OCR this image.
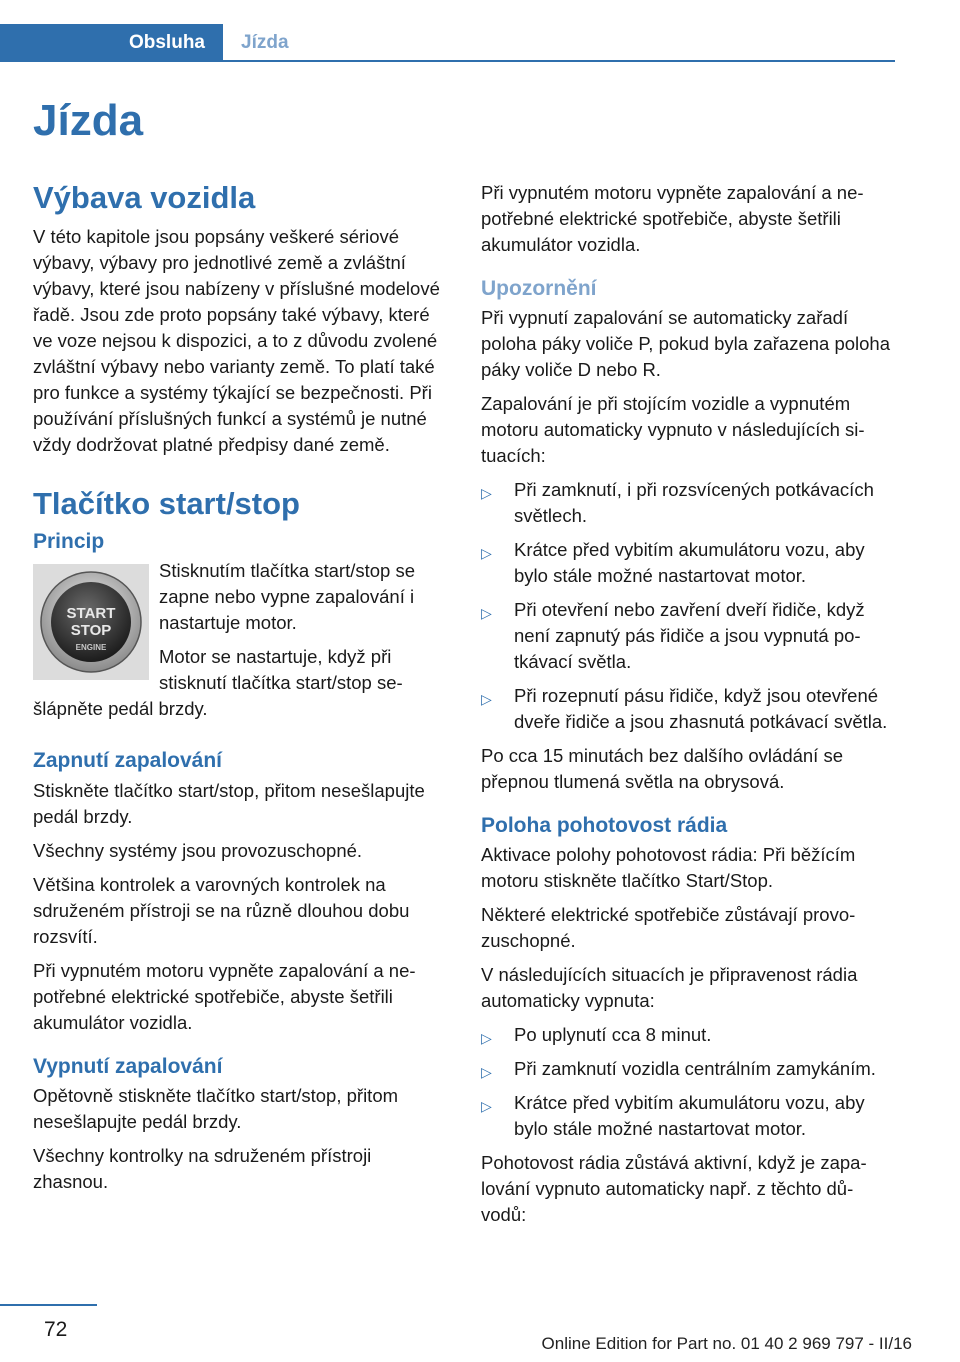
Obsluha	Jízda
Jízda
Výbava vozidla

V této kapitole jsou popsány veškeré sériové výbavy, výbavy pro jednotlivé země a zvláštní výbavy, které jsou nabízeny v příslušné modelové řadě. Jsou zde proto popsány také výbavy, které ve voze nejsou k dispozici, a to z důvodu zvolené zvláštní výbavy nebo varianty země. To platí také pro funkce a systémy týkající se bezpečnosti. Při používání příslušných funkcí a systémů je nutné vždy dodržovat platné předpisy dané země.

Tlačítko start/stop
Princip
START
STOP
ENGINE

Stisknutím tlačítka start/stop se zapne nebo vypne zapalování i nastartuje motor.

Motor se nastartuje, když při stisknutí tlačítka start/stop sešlápněte pedál brzdy.

Zapnutí zapalování

Stiskněte tlačítko start/stop, přitom nesešlapujte pedál brzdy.

Všechny systémy jsou provozuschopné.

Většina kontrolek a varovných kontrolek na sdruženém přístroji se na různě dlouhou dobu rozsvítí.

Při vypnutém motoru vypněte zapalování a nepotřebné elektrické spotřebiče, abyste šetřili akumulátor vozidla.

Vypnutí zapalování

Opětovně stiskněte tlačítko start/stop, přitom nesešlapujte pedál brzdy.

Všechny kontrolky na sdruženém přístroji zhasnou.

Při vypnutém motoru vypněte zapalování a nepotřebné elektrické spotřebiče, abyste šetřili akumulátor vozidla.

Upozornění

Při vypnutí zapalování se automaticky zařadí poloha páky voliče P, pokud byla zařazena poloha páky voliče D nebo R.

Zapalování je při stojícím vozidle a vypnutém motoru automaticky vypnuto v následujících situacích:

▷ Při zamknutí, i při rozsvícených potkávacích světlech.
▷ Krátce před vybitím akumulátoru vozu, aby bylo stále možné nastartovat motor.
▷ Při otevření nebo zavření dveří řidiče, když není zapnutý pás řidiče a jsou vypnutá potkávací světla.
▷ Při rozepnutí pásu řidiče, když jsou otevřené dveře řidiče a jsou zhasnutá potkávací světla.

Po cca 15 minutách bez dalšího ovládání se přepnou tlumená světla na obrysová.

Poloha pohotovost rádia

Aktivace polohy pohotovost rádia: Při běžícím motoru stiskněte tlačítko Start/Stop.

Některé elektrické spotřebiče zůstávají provozuschopné.

V následujících situacích je připravenost rádia automaticky vypnuta:

▷ Po uplynutí cca 8 minut.
▷ Při zamknutí vozidla centrálním zamykáním.
▷ Krátce před vybitím akumulátoru vozu, aby bylo stále možné nastartovat motor.

Pohotovost rádia zůstává aktivní, když je zapalování vypnuto automaticky např. z těchto důvodů:

72
Online Edition for Part no. 01 40 2 969 797 - II/16
